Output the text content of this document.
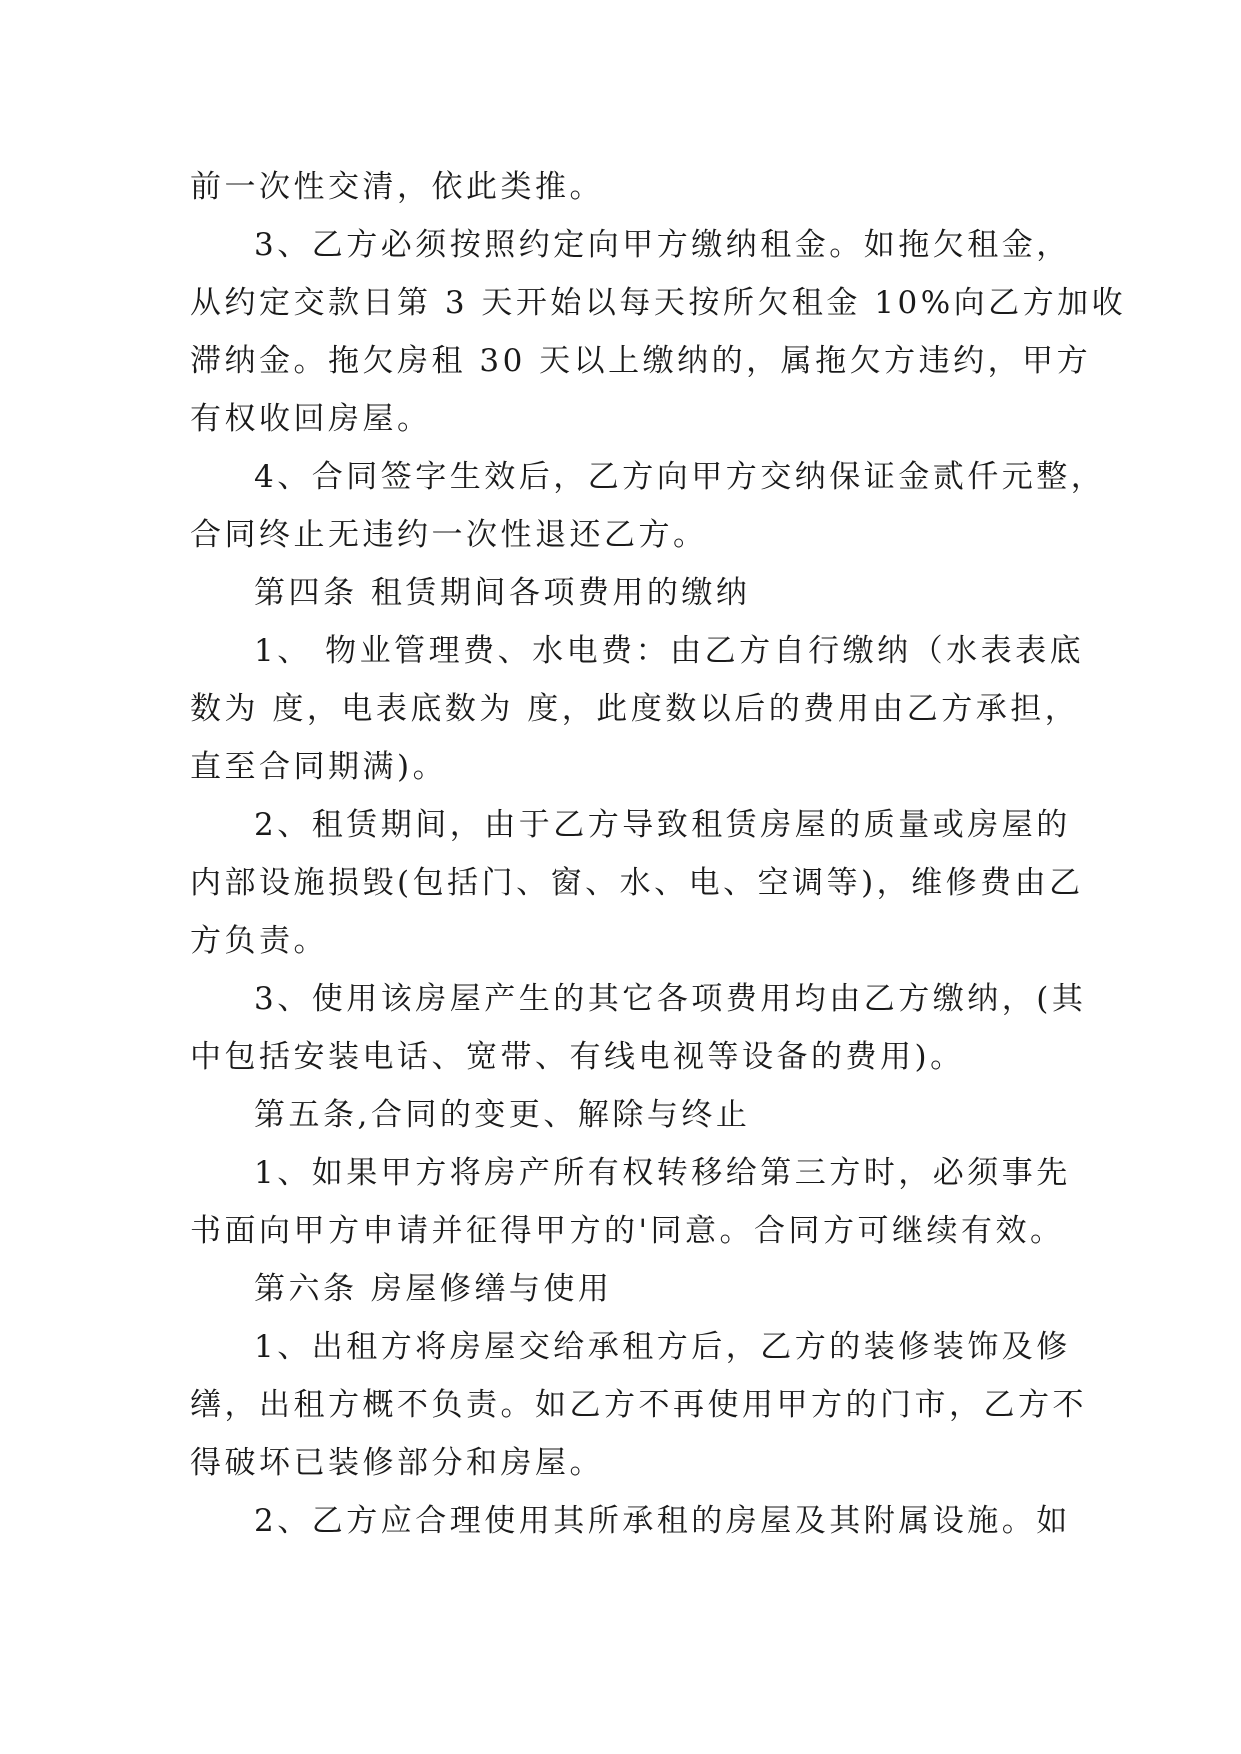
前一次性交清，依此类推。
3、乙方必须按照约定向甲方缴纳租金。如拖欠租金，
从约定交款日第 3 天开始以每天按所欠租金 10%向乙方加收
滞纳金。拖欠房租 30 天以上缴纳的，属拖欠方违约，甲方
有权收回房屋。
4、合同签字生效后，乙方向甲方交纳保证金贰仟元整，
合同终止无违约一次性退还乙方。
第四条 租赁期间各项费用的缴纳
1、 物业管理费、水电费：由乙方自行缴纳（水表表底
数为 度，电表底数为 度，此度数以后的费用由乙方承担，
直至合同期满)。
2、租赁期间，由于乙方导致租赁房屋的质量或房屋的
内部设施损毁(包括门、窗、水、电、空调等)，维修费由乙
方负责。
3、使用该房屋产生的其它各项费用均由乙方缴纳，(其
中包括安装电话、宽带、有线电视等设备的费用)。
第五条,合同的变更、解除与终止
1、如果甲方将房产所有权转移给第三方时，必须事先
书面向甲方申请并征得甲方的'同意。合同方可继续有效。
第六条 房屋修缮与使用
1、出租方将房屋交给承租方后，乙方的装修装饰及修
缮，出租方概不负责。如乙方不再使用甲方的门市，乙方不
得破坏已装修部分和房屋。
2、乙方应合理使用其所承租的房屋及其附属设施。如
